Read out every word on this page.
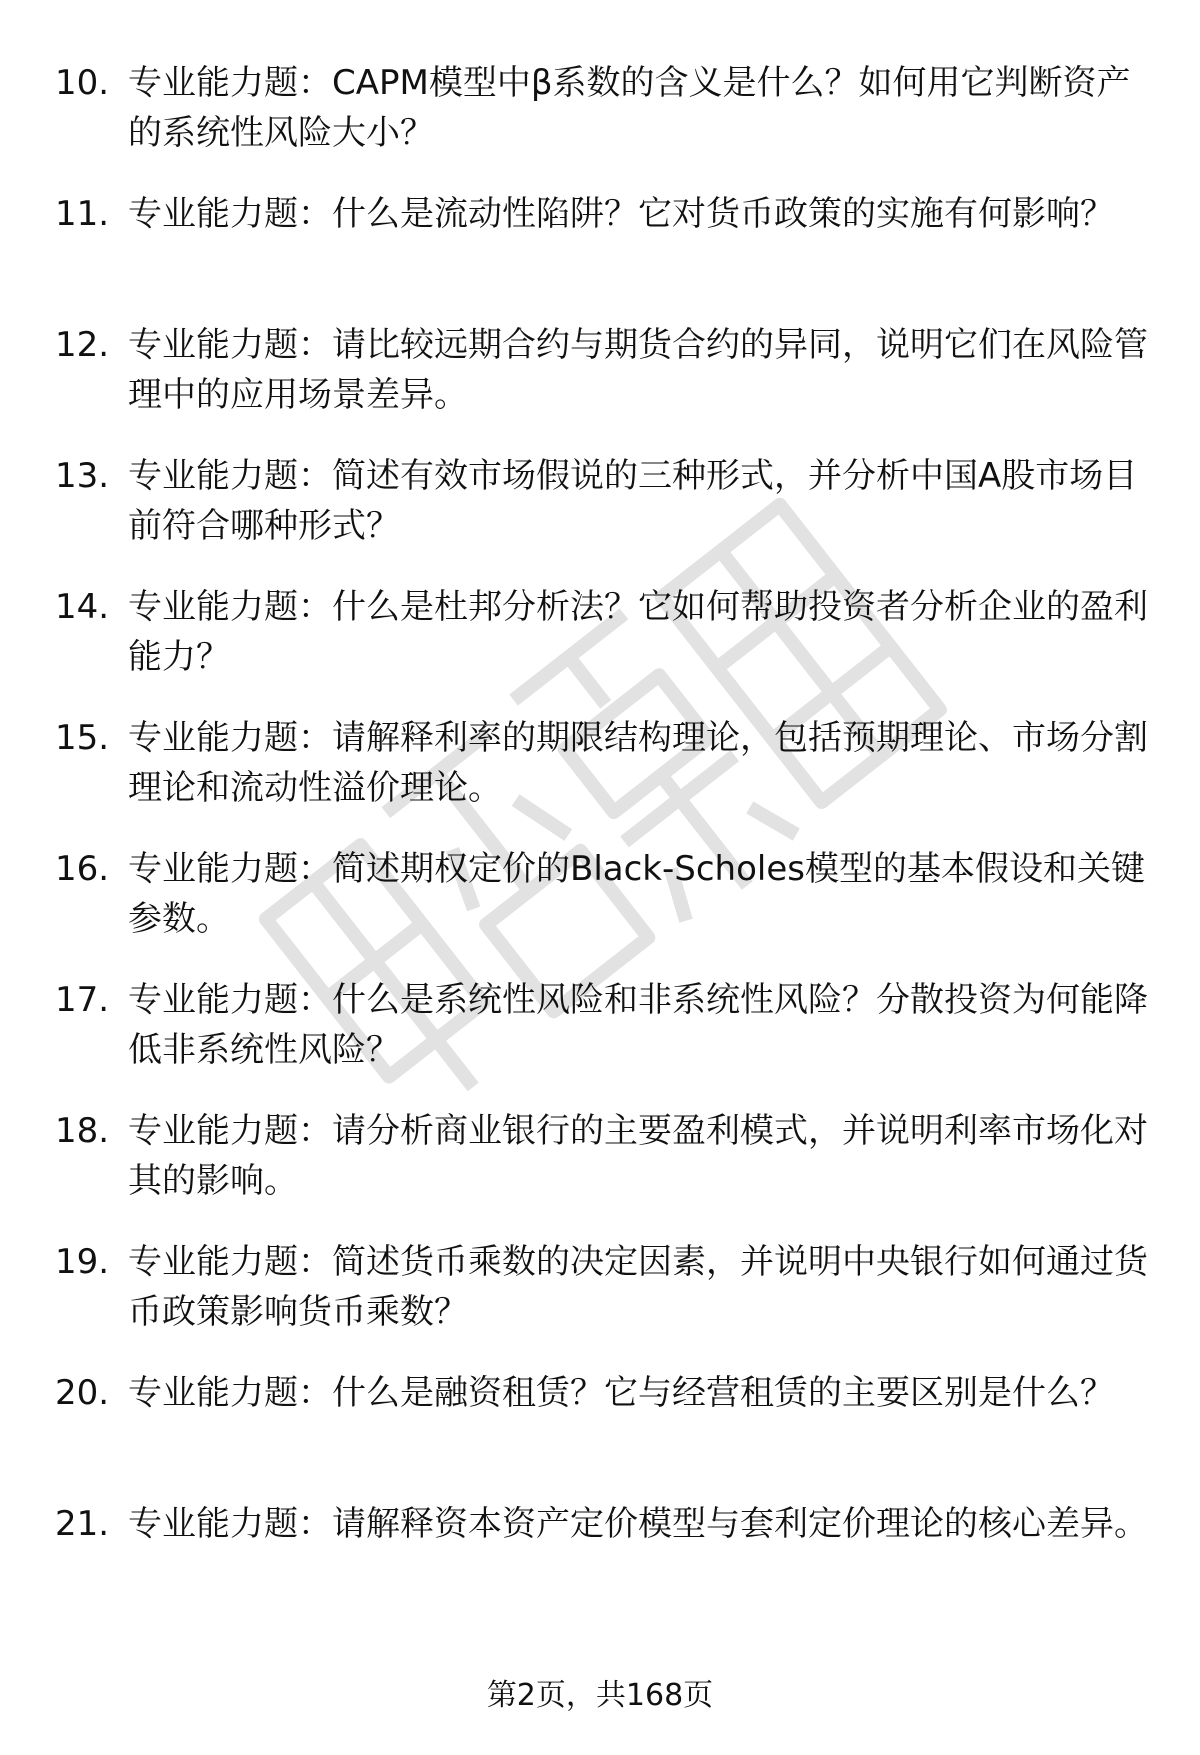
10. 专业能力题：CAPM模型中β系数的含义是什么？如何用它判断资产的系统性风险大小？
11. 专业能力题：什么是流动性陷阱？它对货币政策的实施有何影响？
12. 专业能力题：请比较远期合约与期货合约的异同，说明它们在风险管理中的应用场景差异。
13. 专业能力题：简述有效市场假说的三种形式，并分析中国A股市场目前符合哪种形式？
14. 专业能力题：什么是杜邦分析法？它如何帮助投资者分析企业的盈利能力？
15. 专业能力题：请解释利率的期限结构理论，包括预期理论、市场分割理论和流动性溢价理论。
16. 专业能力题：简述期权定价的Black-Scholes模型的基本假设和关键参数。
17. 专业能力题：什么是系统性风险和非系统性风险？分散投资为何能降低非系统性风险？
18. 专业能力题：请分析商业银行的主要盈利模式，并说明利率市场化对其的影响。
19. 专业能力题：简述货币乘数的决定因素，并说明中央银行如何通过货币政策影响货币乘数？
20. 专业能力题：什么是融资租赁？它与经营租赁的主要区别是什么？
21. 专业能力题：请解释资本资产定价模型与套利定价理论的核心差异。
第2页，共168页
